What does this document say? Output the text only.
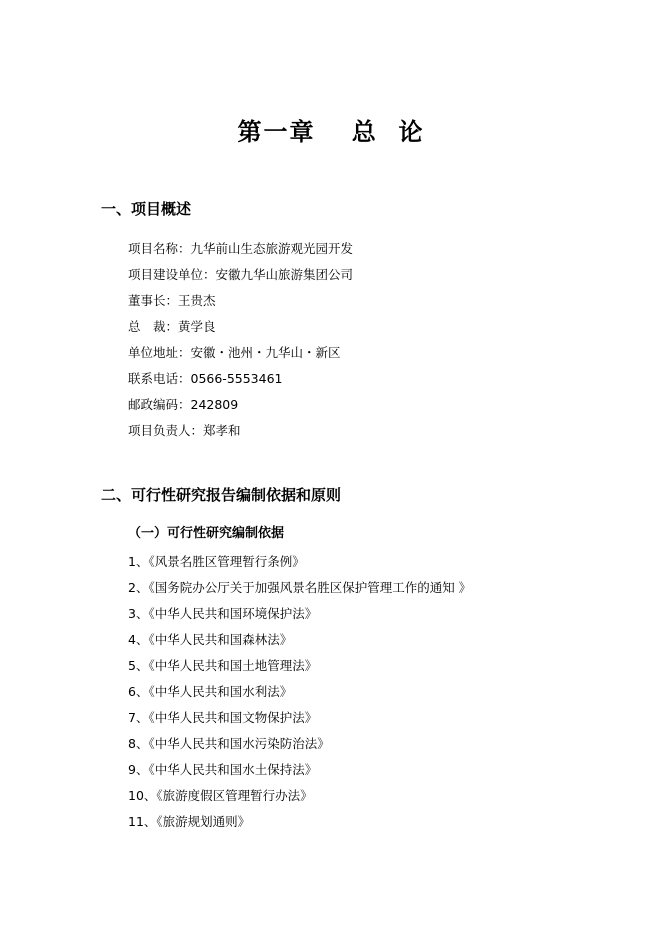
第一章　 总  论
一、项目概述
项目名称：九华前山生态旅游观光园开发
项目建设单位：安徽九华山旅游集团公司
董事长：王贵杰
总　裁：黄学良
单位地址：安徽・池州・九华山・新区
联系电话：0566-5553461
邮政编码：242809
项目负责人：郑孝和
二、可行性研究报告编制依据和原则
（一）可行性研究编制依据
1、《风景名胜区管理暂行条例》
2、《国务院办公厅关于加强风景名胜区保护管理工作的通知 》
3、《中华人民共和国环境保护法》
4、《中华人民共和国森林法》
5、《中华人民共和国土地管理法》
6、《中华人民共和国水利法》
7、《中华人民共和国文物保护法》
8、《中华人民共和国水污染防治法》
9、《中华人民共和国水土保持法》
10、《旅游度假区管理暂行办法》
11、《旅游规划通则》
